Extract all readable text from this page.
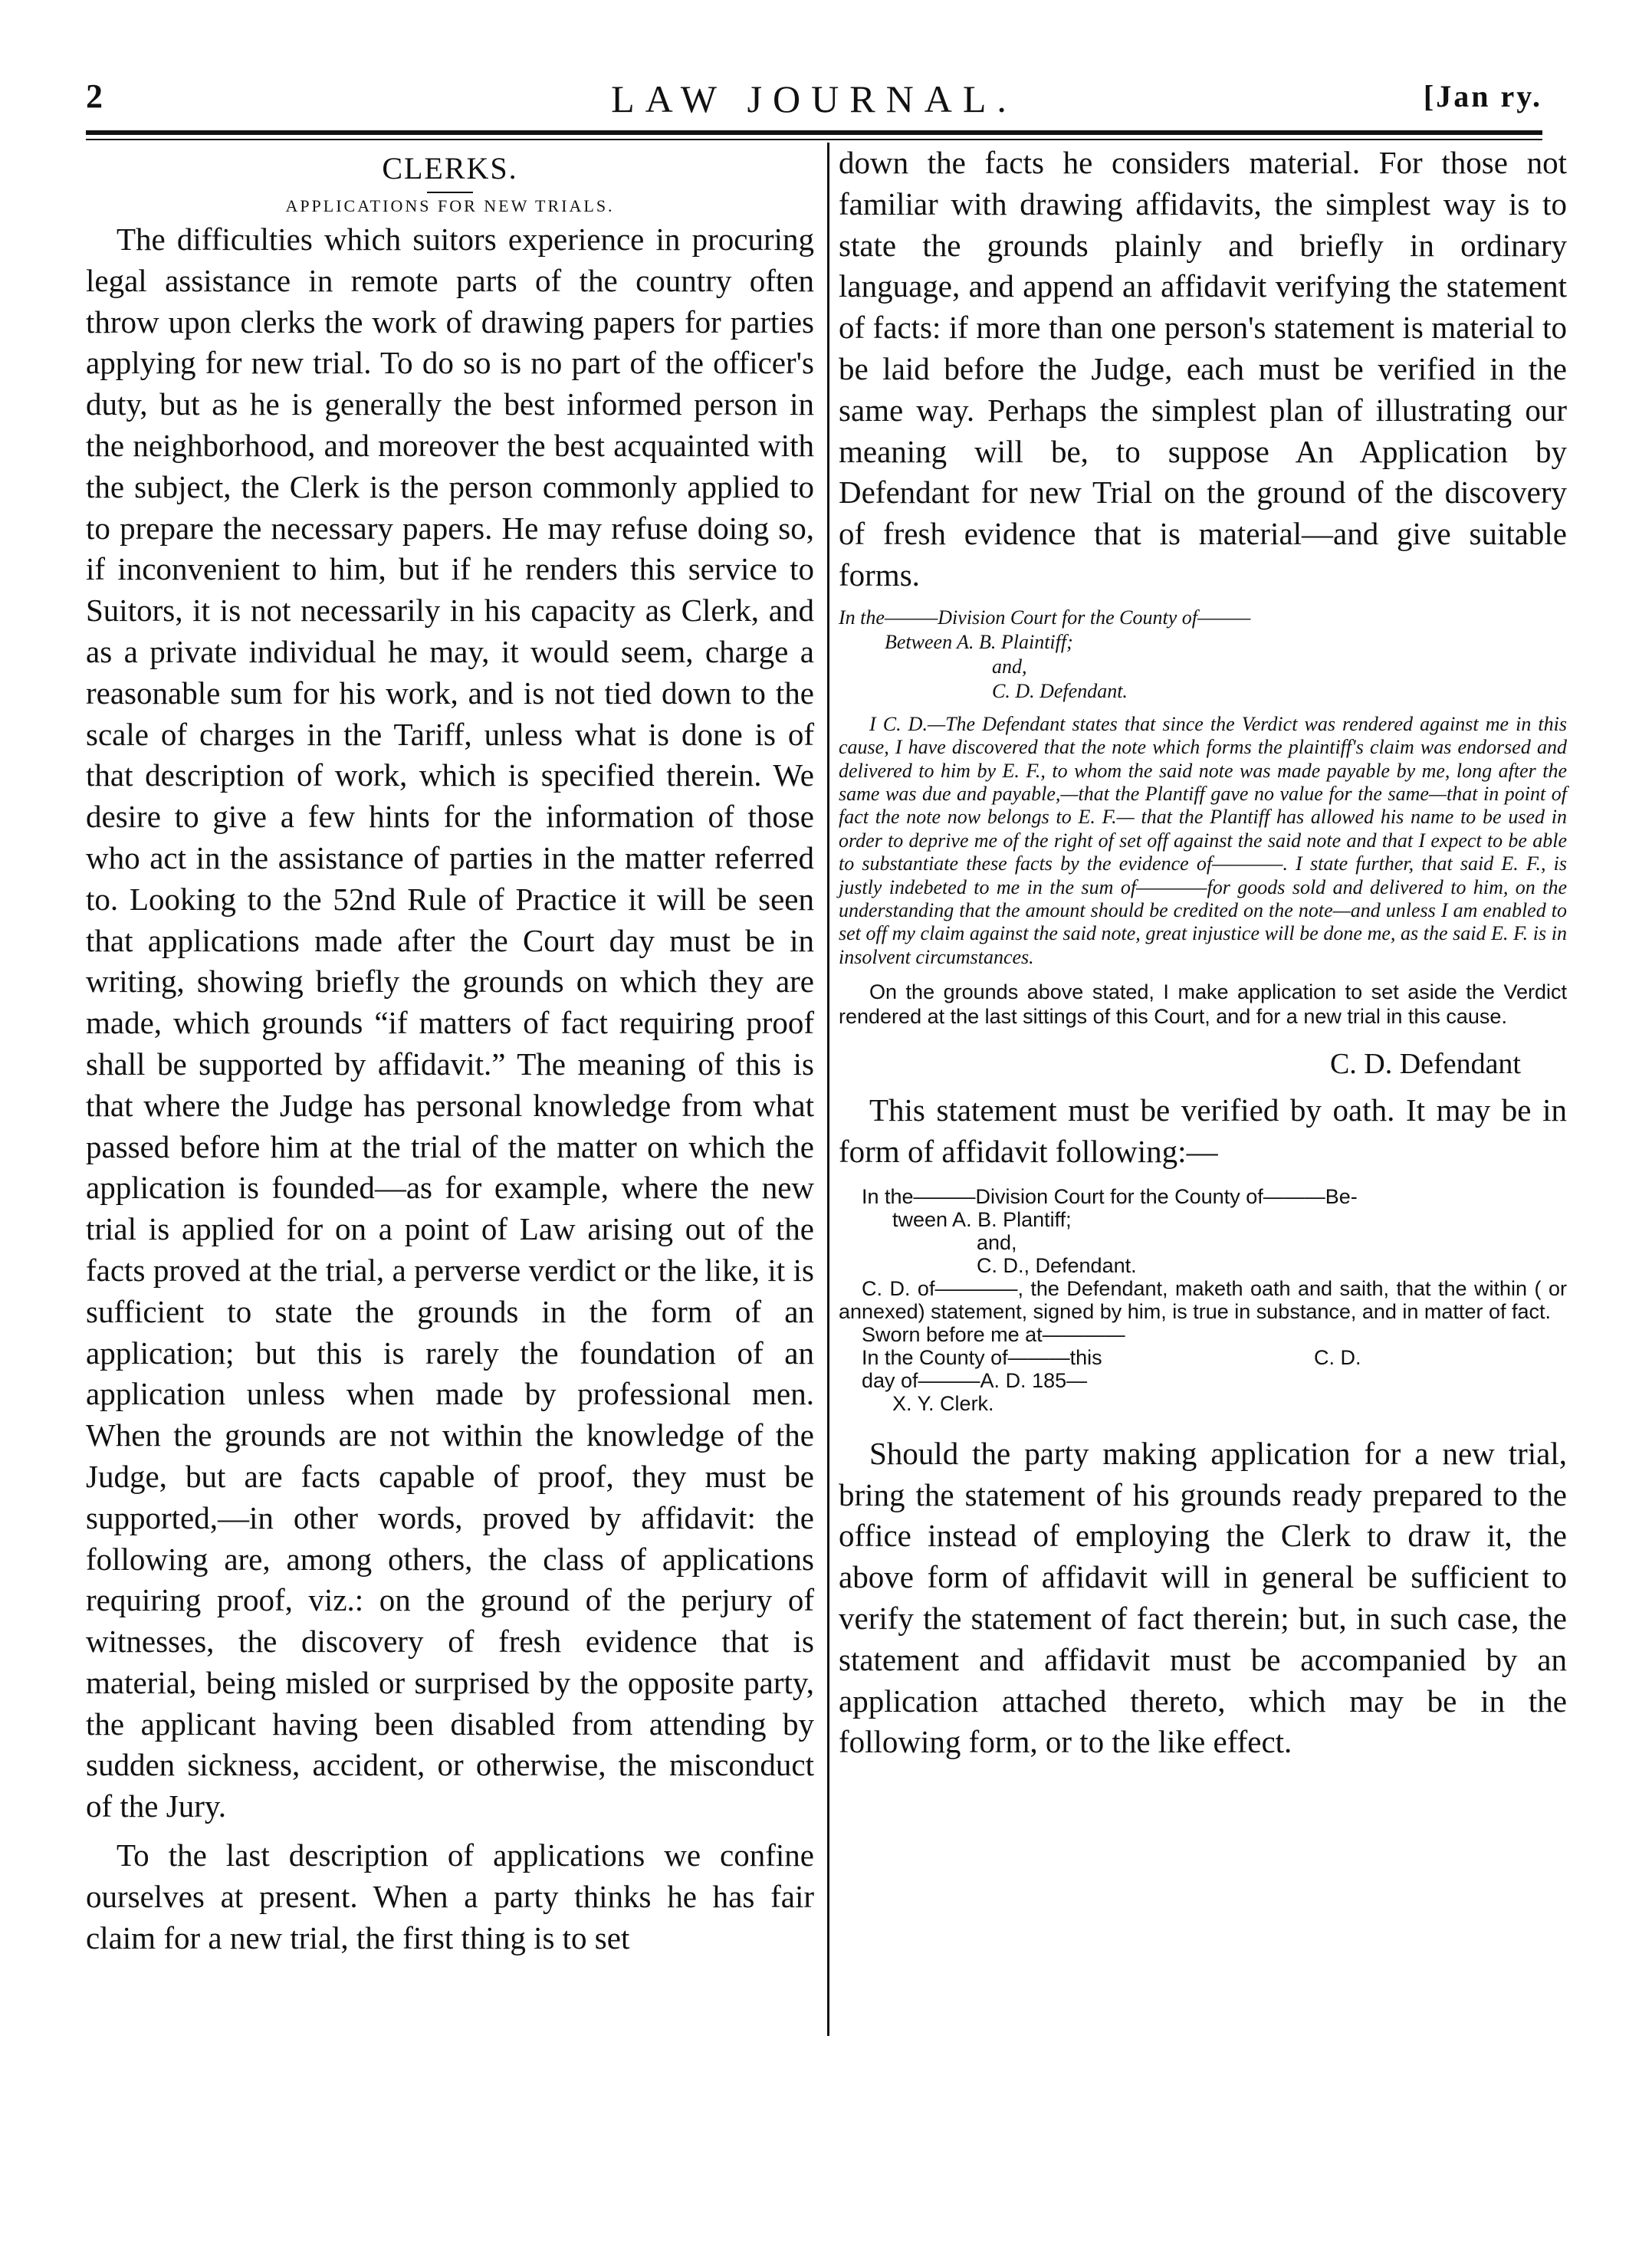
2	LAW JOURNAL.	[Jan ry.
CLERKS.
APPLICATIONS FOR NEW TRIALS.

The difficulties which suitors experience in procuring legal assistance in remote parts of the country often throw upon clerks the work of drawing papers for parties applying for new trial. To do so is no part of the officer's duty, but as he is generally the best informed person in the neighborhood, and moreover the best acquainted with the subject, the Clerk is the person commonly applied to to prepare the necessary papers. He may refuse doing so, if inconvenient to him, but if he renders this service to Suitors, it is not necessarily in his capacity as Clerk, and as a private individual he may, it would seem, charge a reasonable sum for his work, and is not tied down to the scale of charges in the Tariff, unless what is done is of that description of work, which is specified therein. We desire to give a few hints for the information of those who act in the assistance of parties in the matter referred to. Looking to the 52nd Rule of Practice it will be seen that applications made after the Court day must be in writing, showing briefly the grounds on which they are made, which grounds “if matters of fact requiring proof shall be supported by affidavit.” The meaning of this is that where the Judge has personal knowledge from what passed before him at the trial of the matter on which the application is founded—as for example, where the new trial is applied for on a point of Law arising out of the facts proved at the trial, a perverse verdict or the like, it is sufficient to state the grounds in the form of an application; but this is rarely the foundation of an application unless when made by professional men. When the grounds are not within the knowledge of the Judge, but are facts capable of proof, they must be supported,—in other words, proved by affidavit: the following are, among others, the class of applications requiring proof, viz.: on the ground of the perjury of witnesses, the discovery of fresh evidence that is material, being misled or surprised by the opposite party, the applicant having been disabled from attending by sudden sickness, accident, or otherwise, the misconduct of the Jury.

To the last description of applications we confine ourselves at present. When a party thinks he has fair claim for a new trial, the first thing is to set

down the facts he considers material. For those not familiar with drawing affidavits, the simplest way is to state the grounds plainly and briefly in ordinary language, and append an affidavit verifying the statement of facts: if more than one person's statement is material to be laid before the Judge, each must be verified in the same way. Perhaps the simplest plan of illustrating our meaning will be, to suppose An Application by Defendant for new Trial on the ground of the discovery of fresh evidence that is material—and give suitable forms.

In the———Division Court for the County of———
Between A. B. Plaintiff;
and,
C. D. Defendant.

I C. D.—The Defendant states that since the Verdict was rendered against me in this cause, I have discovered that the note which forms the plaintiff's claim was endorsed and delivered to him by E. F., to whom the said note was made payable by me, long after the same was due and payable,—that the Plantiff gave no value for the same—that in point of fact the note now belongs to E. F.— that the Plantiff has allowed his name to be used in order to deprive me of the right of set off against the said note and that I expect to be able to substantiate these facts by the evidence of————. I state further, that said E. F., is justly indebeted to me in the sum of————for goods sold and delivered to him, on the understanding that the amount should be credited on the note—and unless I am enabled to set off my claim against the said note, great injustice will be done me, as the said E. F. is in insolvent circumstances.

On the grounds above stated, I make application to set aside the Verdict rendered at the last sittings of this Court, and for a new trial in this cause.

C. D. Defendant

This statement must be verified by oath. It may be in form of affidavit following:—

In the———Division Court for the County of———Be-
tween A. B. Plantiff;
and,
C. D., Defendant.

C. D. of————, the Defendant, maketh oath and saith, that the within ( or annexed) statement, signed by him, is true in substance, and in matter of fact.

Sworn before me at————
In the County of———this	C. D.
day of———A. D. 185—
X. Y. Clerk.

Should the party making application for a new trial, bring the statement of his grounds ready prepared to the office instead of employing the Clerk to draw it, the above form of affidavit will in general be sufficient to verify the statement of fact therein; but, in such case, the statement and affidavit must be accompanied by an application attached thereto, which may be in the following form, or to the like effect.
